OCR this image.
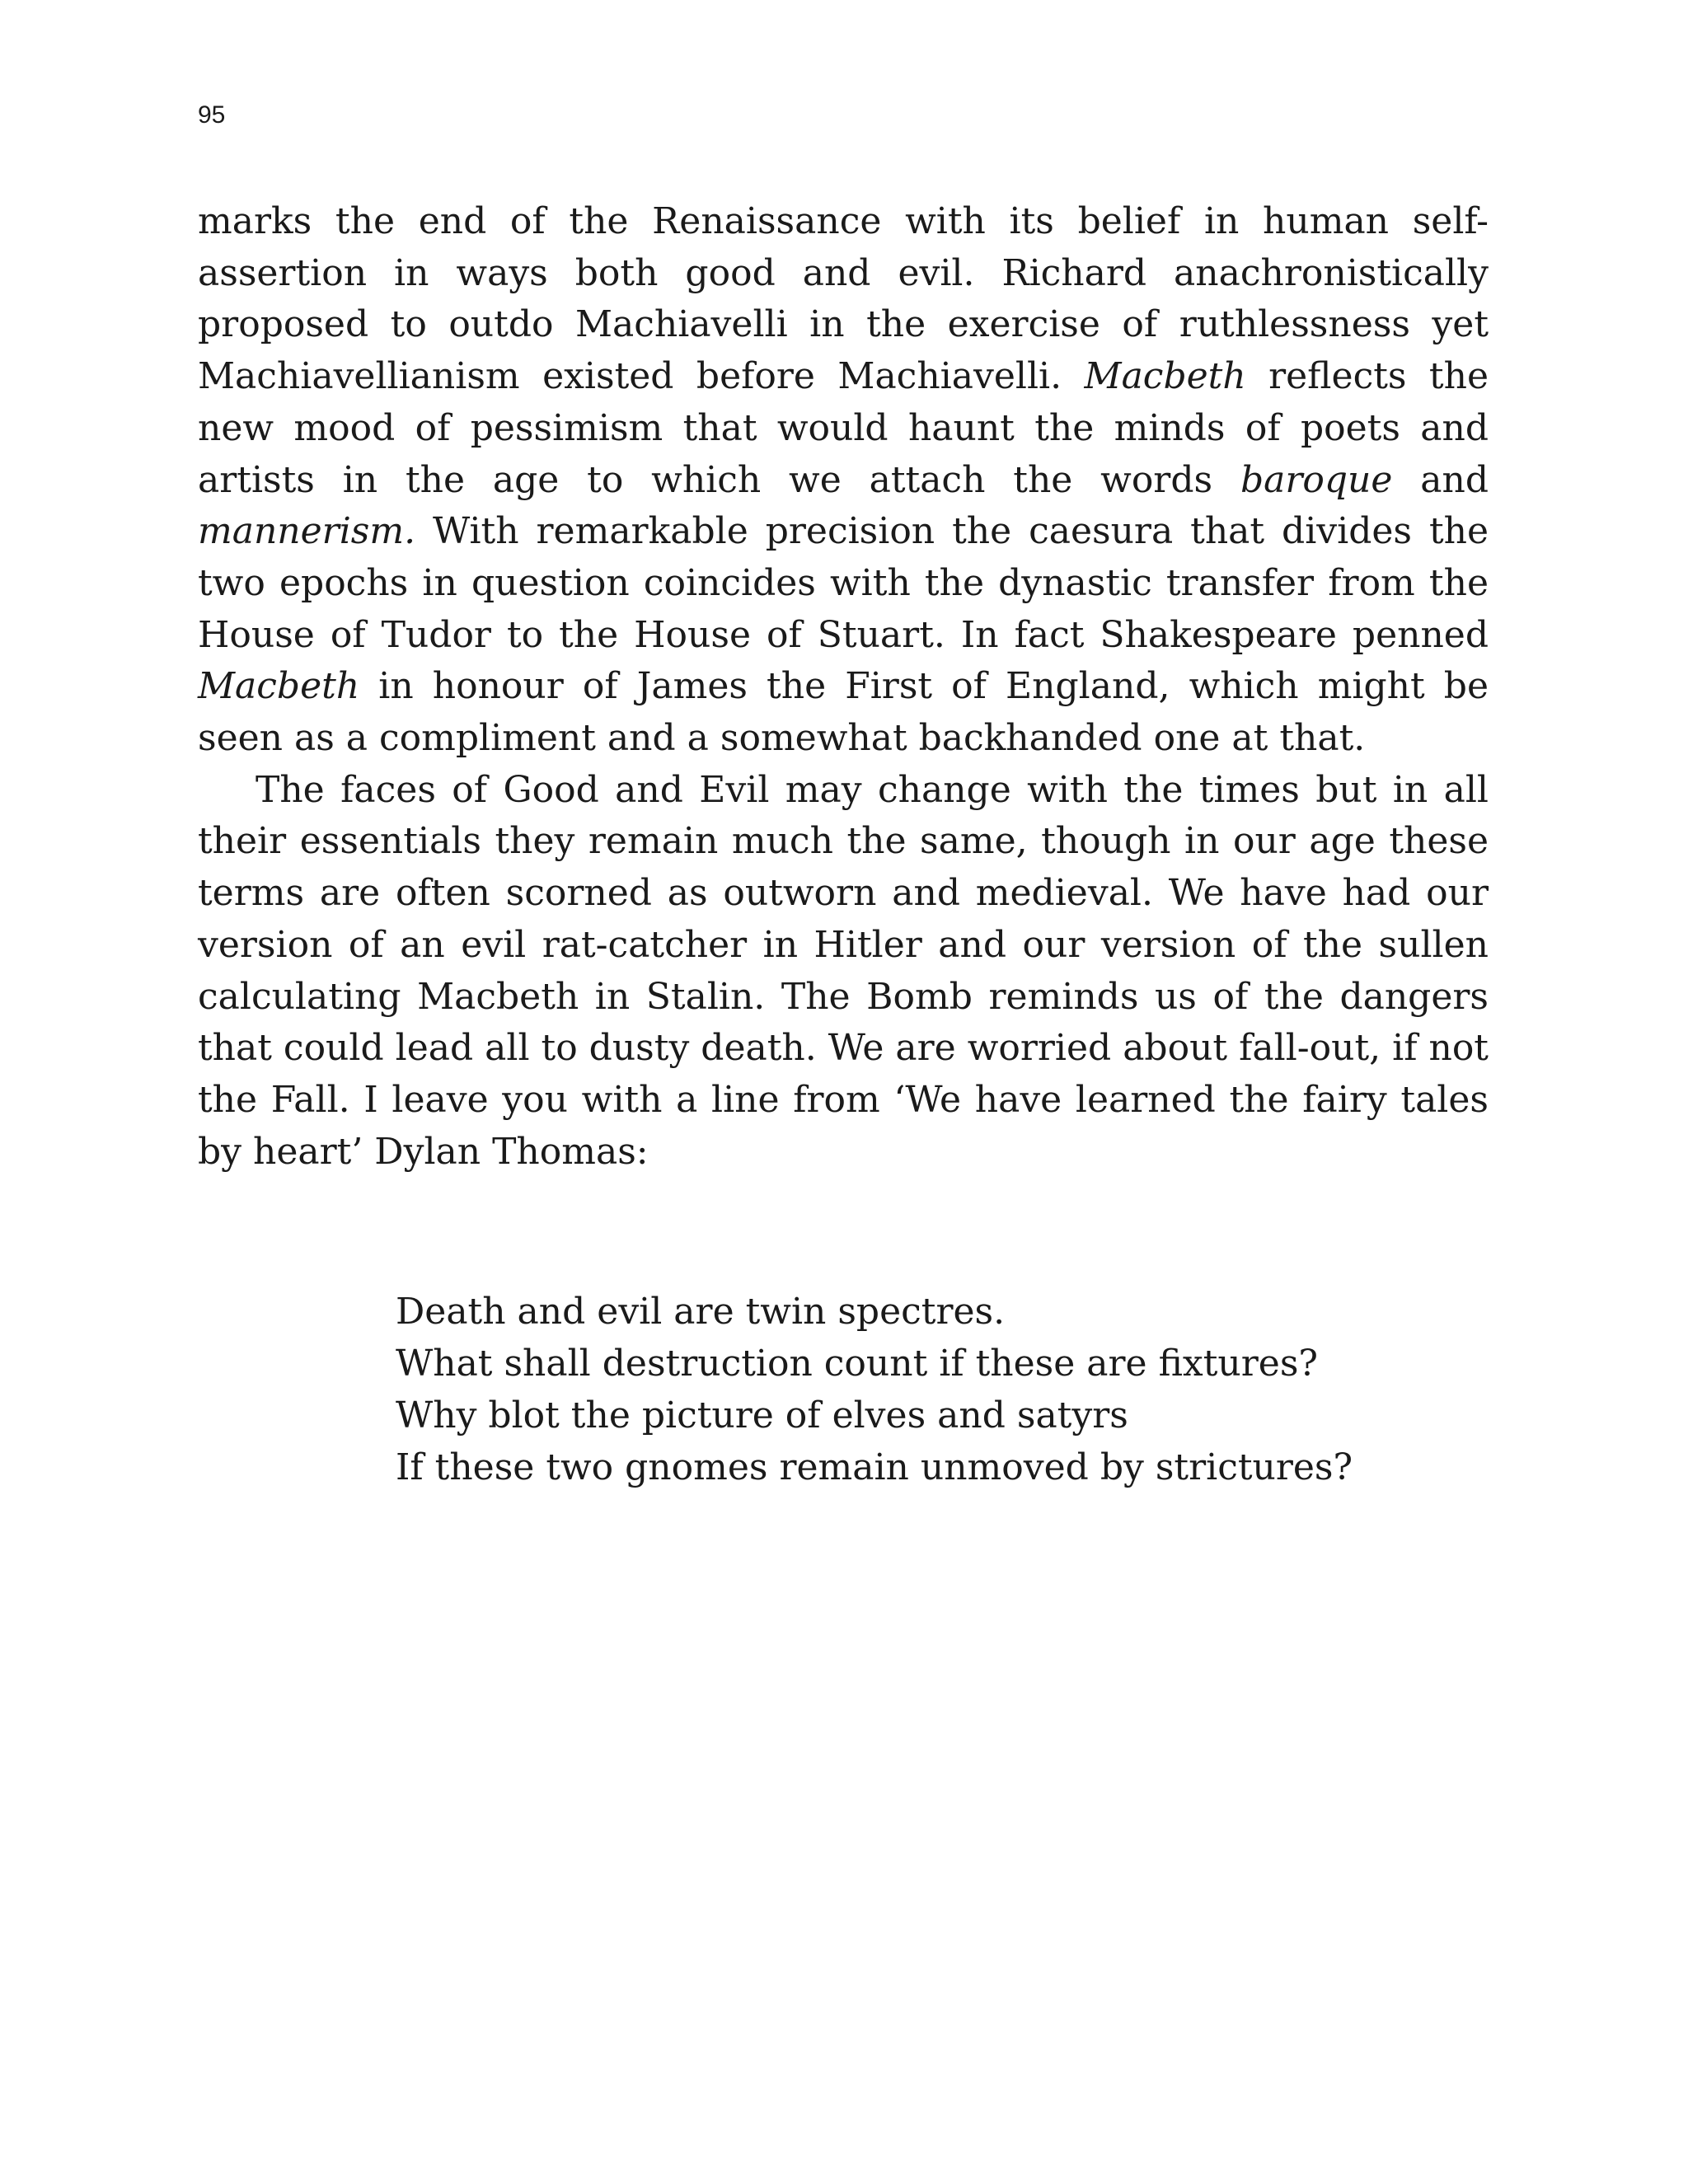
95

marks the end of the Renaissance with its belief in human self-assertion in ways both good and evil. Richard anachronistically proposed to outdo Machiavelli in the exercise of ruthlessness yet Machiavellianism existed before Machiavelli. Macbeth reflects the new mood of pessimism that would haunt the minds of poets and artists in the age to which we attach the words baroque and mannerism. With remarkable precision the caesura that divides the two epochs in question coincides with the dynastic transfer from the House of Tudor to the House of Stuart. In fact Shakespeare penned Macbeth in honour of James the First of England, which might be seen as a compliment and a somewhat backhanded one at that.

The faces of Good and Evil may change with the times but in all their essentials they remain much the same, though in our age these terms are often scorned as outworn and medieval. We have had our version of an evil rat-catcher in Hitler and our version of the sullen calculating Macbeth in Stalin. The Bomb reminds us of the dangers that could lead all to dusty death. We are worried about fall-out, if not the Fall. I leave you with a line from ‘We have learned the fairy tales by heart’ Dylan Thomas:

Death and evil are twin spectres.
What shall destruction count if these are fixtures?
Why blot the picture of elves and satyrs
If these two gnomes remain unmoved by strictures?
